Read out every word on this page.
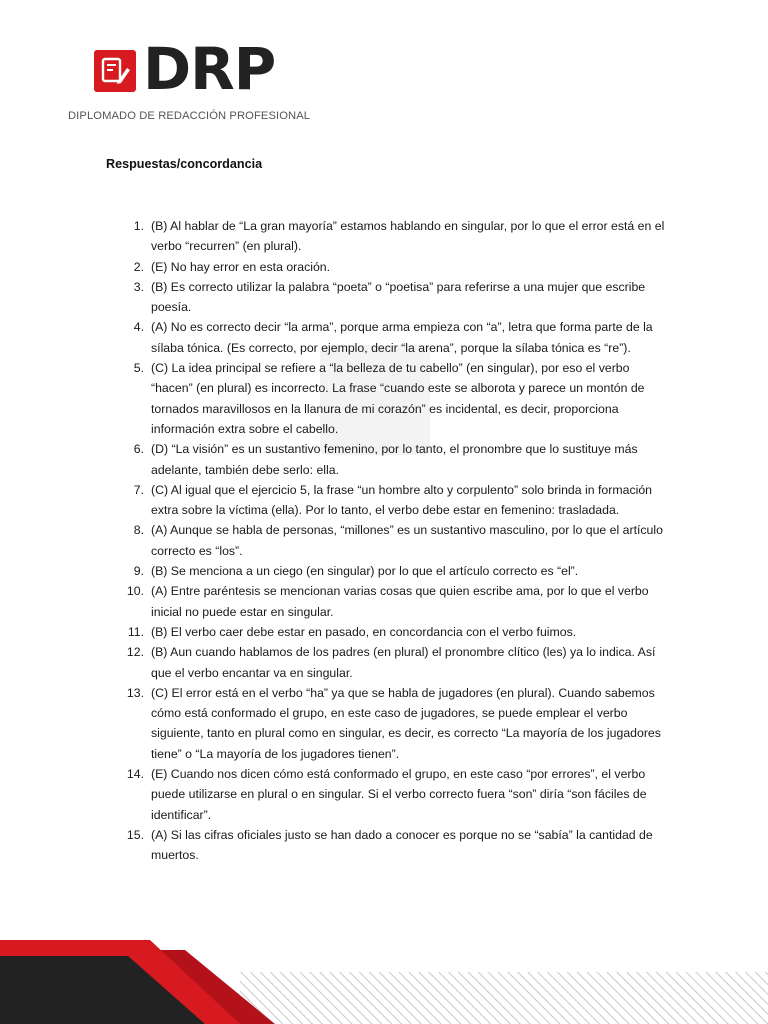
DRP
DIPLOMADO DE REDACCIÓN PROFESIONAL
Respuestas/concordancia
1. (B) Al hablar de “La gran mayoría” estamos hablando en singular, por lo que el error está en el verbo “recurren” (en plural).
2. (E) No hay error en esta oración.
3. (B) Es correcto utilizar la palabra “poeta” o “poetisa” para referirse a una mujer que escribe poesía.
4. (A) No es correcto decir “la arma”, porque arma empieza con “a”, letra que forma parte de la sílaba tónica. (Es correcto, por ejemplo, decir “la arena”, porque la sílaba tónica es “re”).
5. (C) La idea principal se refiere a “la belleza de tu cabello” (en singular), por eso el verbo “hacen” (en plural) es incorrecto. La frase “cuando este se alborota y parece un montón de tornados maravillosos en la llanura de mi corazón” es incidental, es decir, proporciona información extra sobre el cabello.
6. (D) “La visión” es un sustantivo femenino, por lo tanto, el pronombre que lo sustituye más adelante, también debe serlo: ella.
7. (C) Al igual que el ejercicio 5, la frase “un hombre alto y corpulento” solo brinda in formación extra sobre la víctima (ella). Por lo tanto, el verbo debe estar en femenino: trasladada.
8. (A) Aunque se habla de personas, “millones” es un sustantivo masculino, por lo que el artículo correcto es “los”.
9. (B) Se menciona a un ciego (en singular) por lo que el artículo correcto es “el”.
10. (A) Entre paréntesis se mencionan varias cosas que quien escribe ama, por lo que el verbo inicial no puede estar en singular.
11. (B) El verbo caer debe estar en pasado, en concordancia con el verbo fuimos.
12. (B) Aun cuando hablamos de los padres (en plural) el pronombre clítico (les) ya lo indica. Así que el verbo encantar va en singular.
13. (C) El error está en el verbo “ha” ya que se habla de jugadores (en plural). Cuando sabemos cómo está conformado el grupo, en este caso de jugadores, se puede emplear el verbo siguiente, tanto en plural como en singular, es decir, es correcto “La mayoría de los jugadores tiene” o “La mayoría de los jugadores tienen”.
14. (E) Cuando nos dicen cómo está conformado el grupo, en este caso “por errores”, el verbo puede utilizarse en plural o en singular. Si el verbo correcto fuera “son” diría “son fáciles de identificar”.
15. (A) Si las cifras oficiales justo se han dado a conocer es porque no se “sabía” la cantidad de muertos.
